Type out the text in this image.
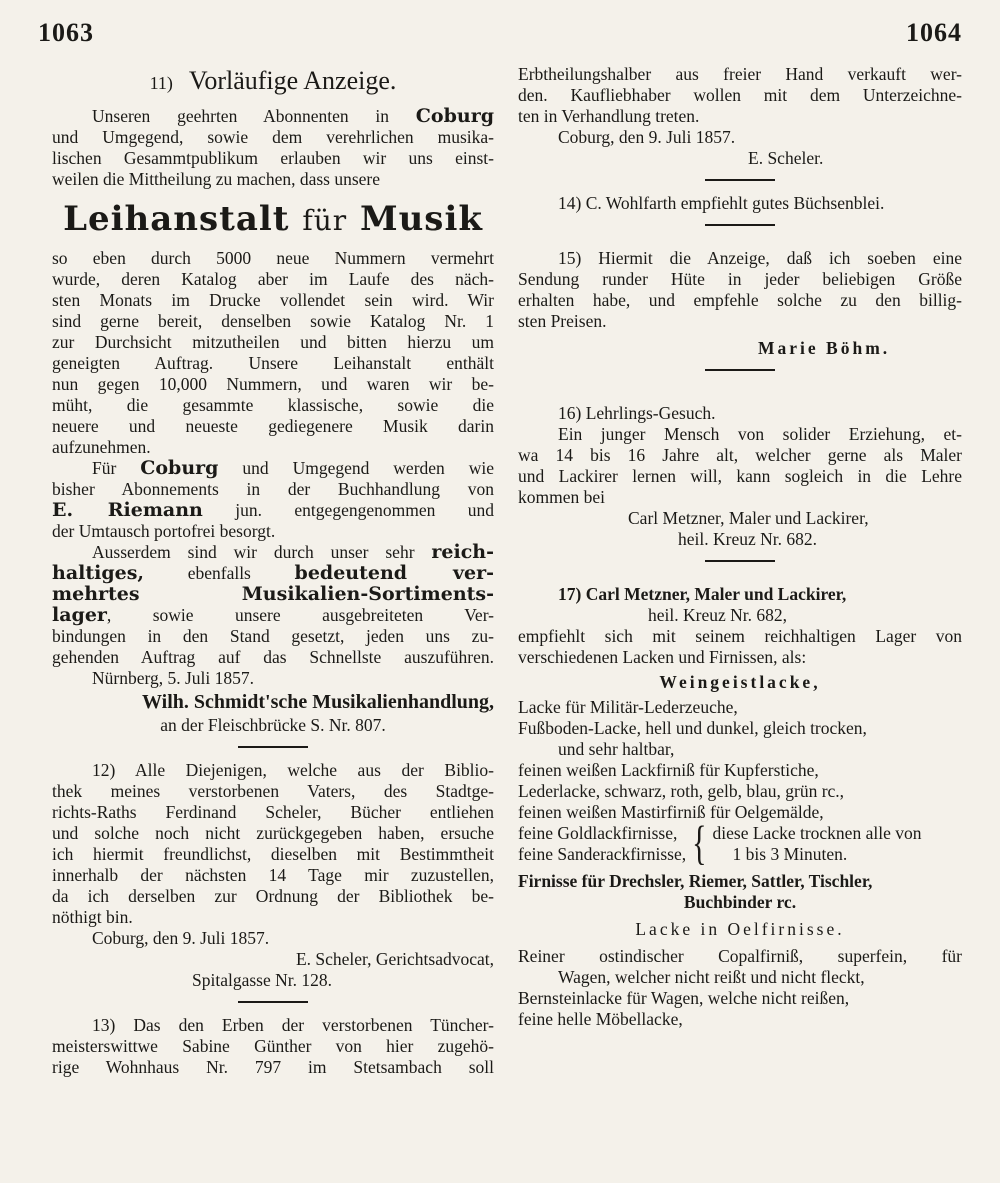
1063	1064
11) Vorläufige Anzeige.
Unseren geehrten Abonnenten in Coburg
und Umgegend, sowie dem verehrlichen musika-
lischen Gesammtpublikum erlauben wir uns einst-
weilen die Mittheilung zu machen, dass unsere
Leihanstalt für Musik
so eben durch 5000 neue Nummern vermehrt
wurde, deren Katalog aber im Laufe des näch-
sten Monats im Drucke vollendet sein wird. Wir
sind gerne bereit, denselben sowie Katalog Nr. 1
zur Durchsicht mitzutheilen und bitten hierzu um
geneigten Auftrag. Unsere Leihanstalt enthält
nun gegen 10,000 Nummern, und waren wir be-
müht, die gesammte klassische, sowie die
neuere und neueste gediegenere Musik darin
aufzunehmen.
Für Coburg und Umgegend werden wie
bisher Abonnements in der Buchhandlung von
E. Riemann jun. entgegengenommen und
der Umtausch portofrei besorgt.
Ausserdem sind wir durch unser sehr reich-
haltiges, ebenfalls bedeutend ver-
mehrtes Musikalien-Sortiments-
lager, sowie unsere ausgebreiteten Ver-
bindungen in den Stand gesetzt, jeden uns zu-
gehenden Auftrag auf das Schnellste auszuführen.
Nürnberg, 5. Juli 1857.
Wilh. Schmidt'sche Musikalienhandlung,
an der Fleischbrücke S. Nr. 807.
12) Alle Diejenigen, welche aus der Biblio-
thek meines verstorbenen Vaters, des Stadtge-
richts-Raths Ferdinand Scheler, Bücher entliehen
und solche noch nicht zurückgegeben haben, ersuche
ich hiermit freundlichst, dieselben mit Bestimmtheit
innerhalb der nächsten 14 Tage mir zuzustellen,
da ich derselben zur Ordnung der Bibliothek be-
nöthigt bin.
Coburg, den 9. Juli 1857.
E. Scheler, Gerichtsadvocat,
Spitalgasse Nr. 128.
13) Das den Erben der verstorbenen Tüncher-
meisterswittwe Sabine Günther von hier zugehö-
rige Wohnhaus Nr. 797 im Stetsambach soll
Erbtheilungshalber aus freier Hand verkauft wer-
den. Kaufliebhaber wollen mit dem Unterzeichne-
ten in Verhandlung treten.
Coburg, den 9. Juli 1857.
E. Scheler.
14) C. Wohlfarth empfiehlt gutes Büchsenblei.
15) Hiermit die Anzeige, daß ich soeben eine
Sendung runder Hüte in jeder beliebigen Größe
erhalten habe, und empfehle solche zu den billig-
sten Preisen.
Marie Böhm.
16) Lehrlings-Gesuch.
Ein junger Mensch von solider Erziehung, et-
wa 14 bis 16 Jahre alt, welcher gerne als Maler
und Lackirer lernen will, kann sogleich in die Lehre
kommen bei
Carl Metzner, Maler und Lackirer,
heil. Kreuz Nr. 682.
17) Carl Metzner, Maler und Lackirer,
heil. Kreuz Nr. 682,
empfiehlt sich mit seinem reichhaltigen Lager von
verschiedenen Lacken und Firnissen, als:
Weingeistlacke,
Lacke für Militär-Lederzeuche,
Fußboden-Lacke, hell und dunkel, gleich trocken,
und sehr haltbar,
feinen weißen Lackfirniß für Kupferstiche,
Lederlacke, schwarz, roth, gelb, blau, grün rc.,
feinen weißen Mastirfirniß für Oelgemälde,
feine Goldlackfirnisse,
feine Sanderackfirnisse, { diese Lacke trocknen alle von
1 bis 3 Minuten.
Firnisse für Drechsler, Riemer, Sattler, Tischler,
Buchbinder rc.
Lacke in Oelfirnisse.
Reiner ostindischer Copalfirniß, superfein, für
Wagen, welcher nicht reißt und nicht fleckt,
Bernsteinlacke für Wagen, welche nicht reißen,
feine helle Möbellacke,
